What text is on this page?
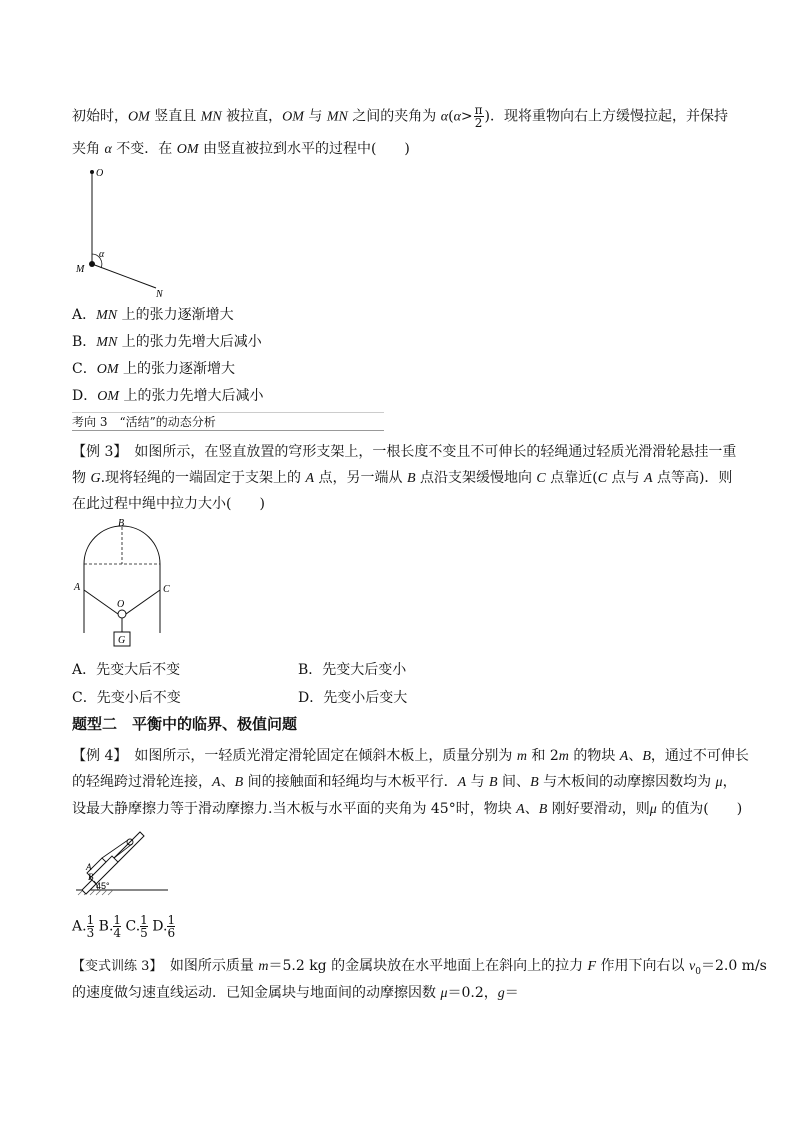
初始时，OM 竖直且 MN 被拉直，OM 与 MN 之间的夹角为 $\alpha(\alpha> \frac{\pi}{2}$ )．现将重物向右上方缓慢拉起，并保持
夹角 α 不变．在 OM 由竖直被拉到水平的过程中(　　)
O
M
N
α
A．MN 上的张力逐渐增大
B．MN 上的张力先增大后减小
C．OM 上的张力逐渐增大
D．OM 上的张力先增大后减小
考向 3　“活结”的动态分析
【例 3】　如图所示，在竖直放置的穹形支架上，一根长度不变且不可伸长的轻绳通过轻质光滑滑轮悬挂一重
物 G.现将轻绳的一端固定于支架上的 A 点，另一端从 B 点沿支架缓慢地向 C 点靠近(C 点与 A 点等高)．则
在此过程中绳中拉力大小(　　)
B
A	C
O
G
A．先变大后不变	B．先变大后变小
C．先变小后不变	D．先变小后变大
题型二　平衡中的临界、极值问题
【例 4】　如图所示，一轻质光滑定滑轮固定在倾斜木板上，质量分别为 m 和 2m 的物块 A、B，通过不可伸长
的轻绳跨过滑轮连接，A、B 间的接触面和轻绳均与木板平行．A 与 B 间、B 与木板间的动摩擦因数均为 μ，
设最大静摩擦力等于滑动摩擦力.当木板与水平面的夹角为 45°时，物块 A、B 刚好要滑动，则μ 的值为(　　)
A
B
45°
A. $\frac{1}{3} B$. $\frac{1}{4} C$. $\frac{1}{5} D$. $\frac{1}{6}$
【变式训练 3】　如图所示质量 m＝5.2 kg 的金属块放在水平地面上在斜向上的拉力 F 作用下向右以 $v_0=2.0$ m/s
的速度做匀速直线运动．已知金属块与地面间的动摩擦因数 μ＝0.2，g＝
